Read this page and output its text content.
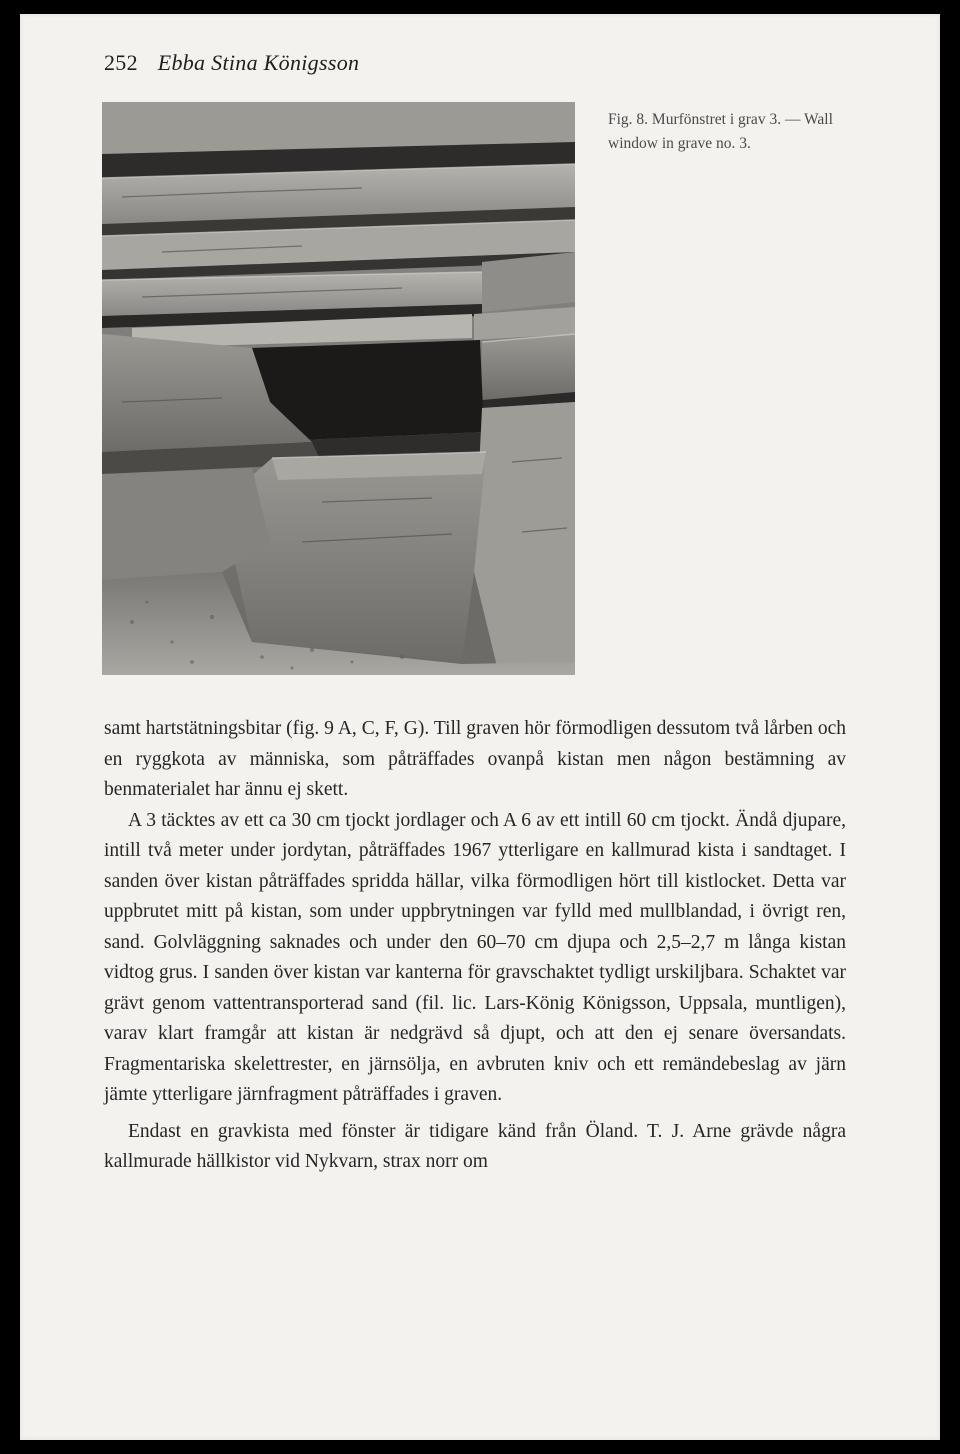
252 Ebba Stina Königsson
Fig. 8. Murfönstret i grav 3. — Wall window in grave no. 3.

samt hartstätningsbitar (fig. 9 A, C, F, G). Till graven hör förmodligen dessutom två lårben och en ryggkota av människa, som påträffades ovanpå kistan men någon bestämning av benmaterialet har ännu ej skett.

A 3 täcktes av ett ca 30 cm tjockt jordlager och A 6 av ett intill 60 cm tjockt. Ändå djupare, intill två meter under jordytan, påträffades 1967 ytterligare en kallmurad kista i sandtaget. I sanden över kistan påträffades spridda hällar, vilka förmodligen hört till kistlocket. Detta var uppbrutet mitt på kistan, som under uppbrytningen var fylld med mullblandad, i övrigt ren, sand. Golvläggning saknades och under den 60–70 cm djupa och 2,5–2,7 m långa kistan vidtog grus. I sanden över kistan var kanterna för gravschaktet tydligt urskiljbara. Schaktet var grävt genom vattentransporterad sand (fil. lic. Lars-König Königsson, Uppsala, muntligen), varav klart framgår att kistan är nedgrävd så djupt, och att den ej senare översandats. Fragmentariska skelettrester, en järnsölja, en avbruten kniv och ett remändebeslag av järn jämte ytterligare järnfragment påträffades i graven.

Endast en gravkista med fönster är tidigare känd från Öland. T. J. Arne grävde några kallmurade hällkistor vid Nykvarn, strax norr om
